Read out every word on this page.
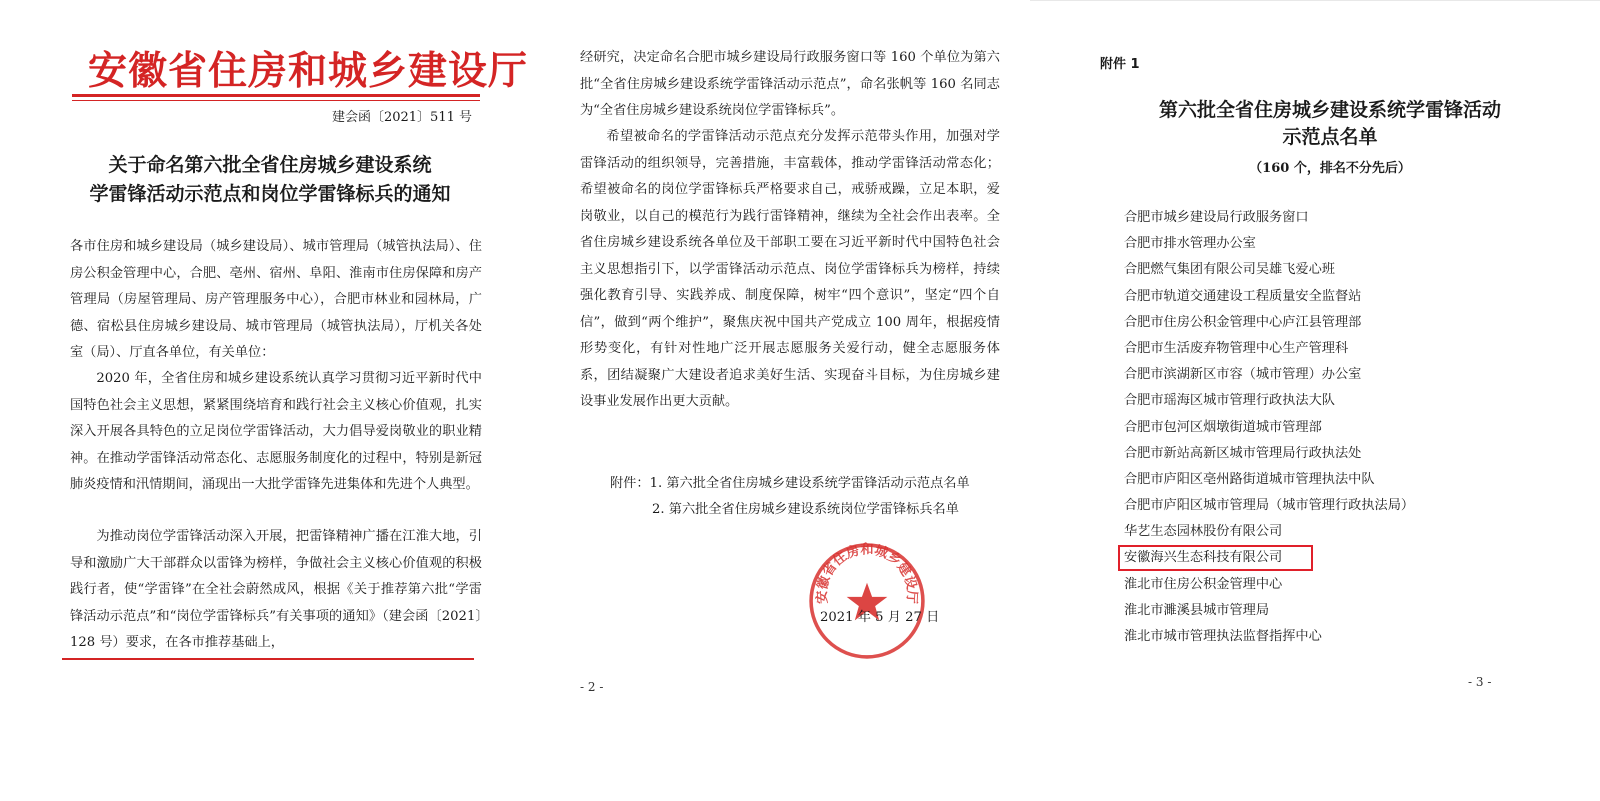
安徽省住房和城乡建设厅
建会函〔2021〕511 号
关于命名第六批全省住房城乡建设系统
学雷锋活动示范点和岗位学雷锋标兵的通知

各市住房和城乡建设局（城乡建设局）、城市管理局（城管执法局）、住房公积金管理中心，合肥、亳州、宿州、阜阳、淮南市住房保障和房产管理局（房屋管理局、房产管理服务中心），合肥市林业和园林局，广德、宿松县住房城乡建设局、城市管理局（城管执法局），厅机关各处室（局）、厅直各单位，有关单位：

2020 年，全省住房和城乡建设系统认真学习贯彻习近平新时代中国特色社会主义思想，紧紧围绕培育和践行社会主义核心价值观，扎实深入开展各具特色的立足岗位学雷锋活动，大力倡导爱岗敬业的职业精神。在推动学雷锋活动常态化、志愿服务制度化的过程中，特别是新冠肺炎疫情和汛情期间，涌现出一大批学雷锋先进集体和先进个人典型。

为推动岗位学雷锋活动深入开展，把雷锋精神广播在江淮大地，引导和激励广大干部群众以雷锋为榜样，争做社会主义核心价值观的积极践行者，使“学雷锋”在全社会蔚然成风，根据《关于推荐第六批“学雷锋活动示范点”和“岗位学雷锋标兵”有关事项的通知》（建会函〔2021〕128 号）要求，在各市推荐基础上，

经研究，决定命名合肥市城乡建设局行政服务窗口等 160 个单位为第六批“全省住房城乡建设系统学雷锋活动示范点”，命名张帆等 160 名同志为“全省住房城乡建设系统岗位学雷锋标兵”。

希望被命名的学雷锋活动示范点充分发挥示范带头作用，加强对学雷锋活动的组织领导，完善措施，丰富载体，推动学雷锋活动常态化；希望被命名的岗位学雷锋标兵严格要求自己，戒骄戒躁，立足本职，爱岗敬业，以自己的模范行为践行雷锋精神，继续为全社会作出表率。全省住房城乡建设系统各单位及干部职工要在习近平新时代中国特色社会主义思想指引下，以学雷锋活动示范点、岗位学雷锋标兵为榜样，持续强化教育引导、实践养成、制度保障，树牢“四个意识”，坚定“四个自信”，做到“两个维护”，聚焦庆祝中国共产党成立 100 周年，根据疫情形势变化，有针对性地广泛开展志愿服务关爱行动，健全志愿服务体系，团结凝聚广大建设者追求美好生活、实现奋斗目标，为住房城乡建设事业发展作出更大贡献。

附件：1. 第六批全省住房城乡建设系统学雷锋活动示范点名单
2. 第六批全省住房城乡建设系统岗位学雷锋标兵名单
安徽省住房和城乡建设厅
2021 年 5 月 27 日
- 2 -
附件 1
第六批全省住房城乡建设系统学雷锋活动
示范点名单
（160 个，排名不分先后）
合肥市城乡建设局行政服务窗口
合肥市排水管理办公室
合肥燃气集团有限公司吴雄飞爱心班
合肥市轨道交通建设工程质量安全监督站
合肥市住房公积金管理中心庐江县管理部
合肥市生活废弃物管理中心生产管理科
合肥市滨湖新区市容（城市管理）办公室
合肥市瑶海区城市管理行政执法大队
合肥市包河区烟墩街道城市管理部
合肥市新站高新区城市管理局行政执法处
合肥市庐阳区亳州路街道城市管理执法中队
合肥市庐阳区城市管理局（城市管理行政执法局）
华艺生态园林股份有限公司
安徽海兴生态科技有限公司
淮北市住房公积金管理中心
淮北市濉溪县城市管理局
淮北市城市管理执法监督指挥中心
- 3 -
